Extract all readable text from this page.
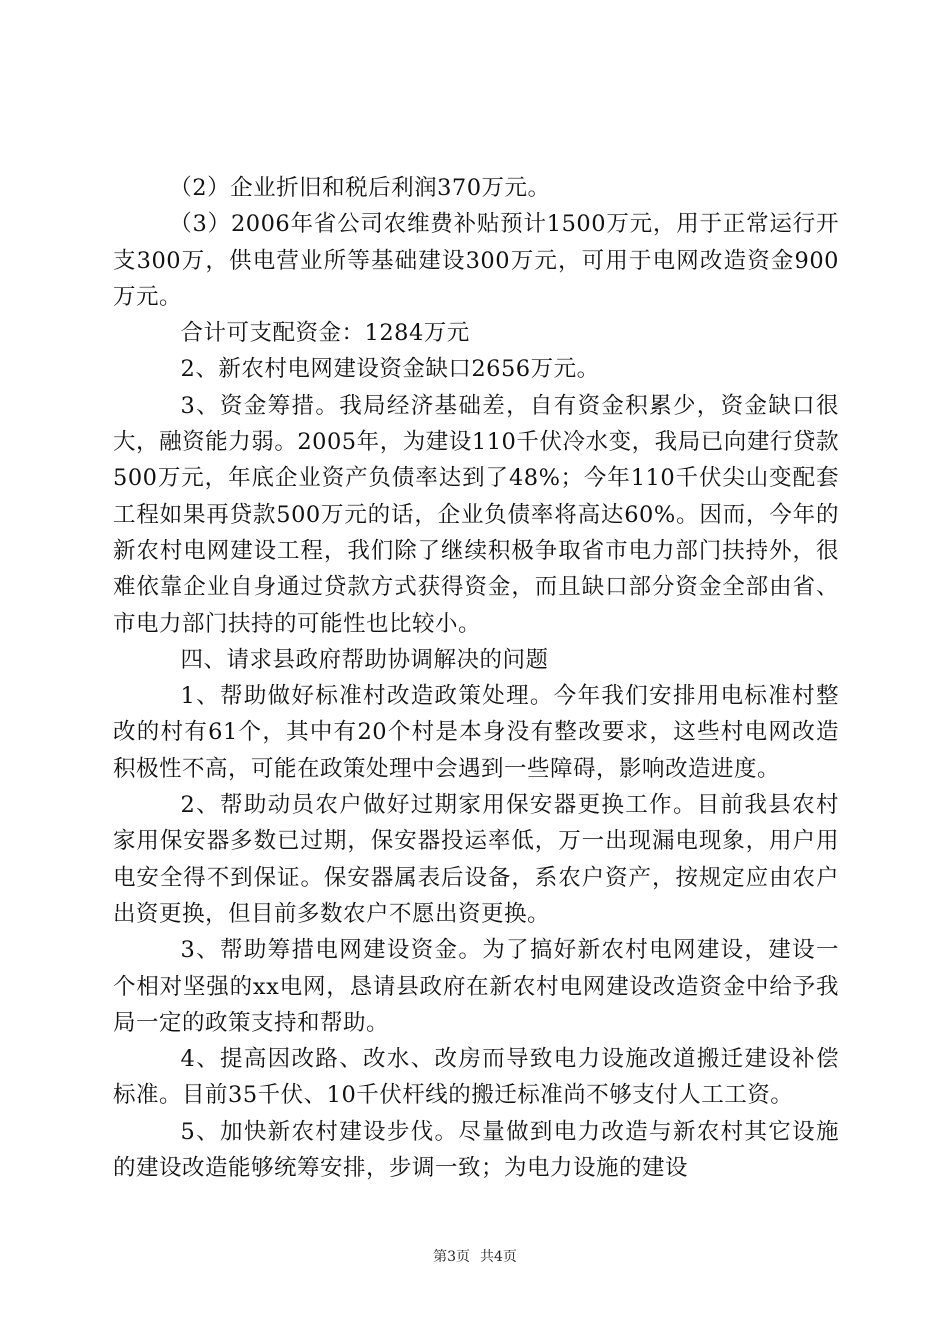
（2）企业折旧和税后利润370万元。

（3）2006年省公司农维费补贴预计1500万元，用于正常运行开支300万，供电营业所等基础建设300万元，可用于电网改造资金900万元。

合计可支配资金：1284万元

2、新农村电网建设资金缺口2656万元。

3、资金筹措。我局经济基础差，自有资金积累少，资金缺口很大，融资能力弱。2005年，为建设110千伏冷水变，我局已向建行贷款500万元，年底企业资产负债率达到了48%；今年110千伏尖山变配套工程如果再贷款500万元的话，企业负债率将高达60%。因而，今年的新农村电网建设工程，我们除了继续积极争取省市电力部门扶持外，很难依靠企业自身通过贷款方式获得资金，而且缺口部分资金全部由省、市电力部门扶持的可能性也比较小。

四、请求县政府帮助协调解决的问题

1、帮助做好标准村改造政策处理。今年我们安排用电标准村整改的村有61个，其中有20个村是本身没有整改要求，这些村电网改造积极性不高，可能在政策处理中会遇到一些障碍，影响改造进度。

2、帮助动员农户做好过期家用保安器更换工作。目前我县农村家用保安器多数已过期，保安器投运率低，万一出现漏电现象，用户用电安全得不到保证。保安器属表后设备，系农户资产，按规定应由农户出资更换，但目前多数农户不愿出资更换。

3、帮助筹措电网建设资金。为了搞好新农村电网建设，建设一个相对坚强的xx电网，恳请县政府在新农村电网建设改造资金中给予我局一定的政策支持和帮助。

4、提高因改路、改水、改房而导致电力设施改道搬迁建设补偿标准。目前35千伏、10千伏杆线的搬迁标准尚不够支付人工工资。

5、加快新农村建设步伐。尽量做到电力改造与新农村其它设施的建设改造能够统筹安排，步调一致；为电力设施的建设

第3页 共4页
